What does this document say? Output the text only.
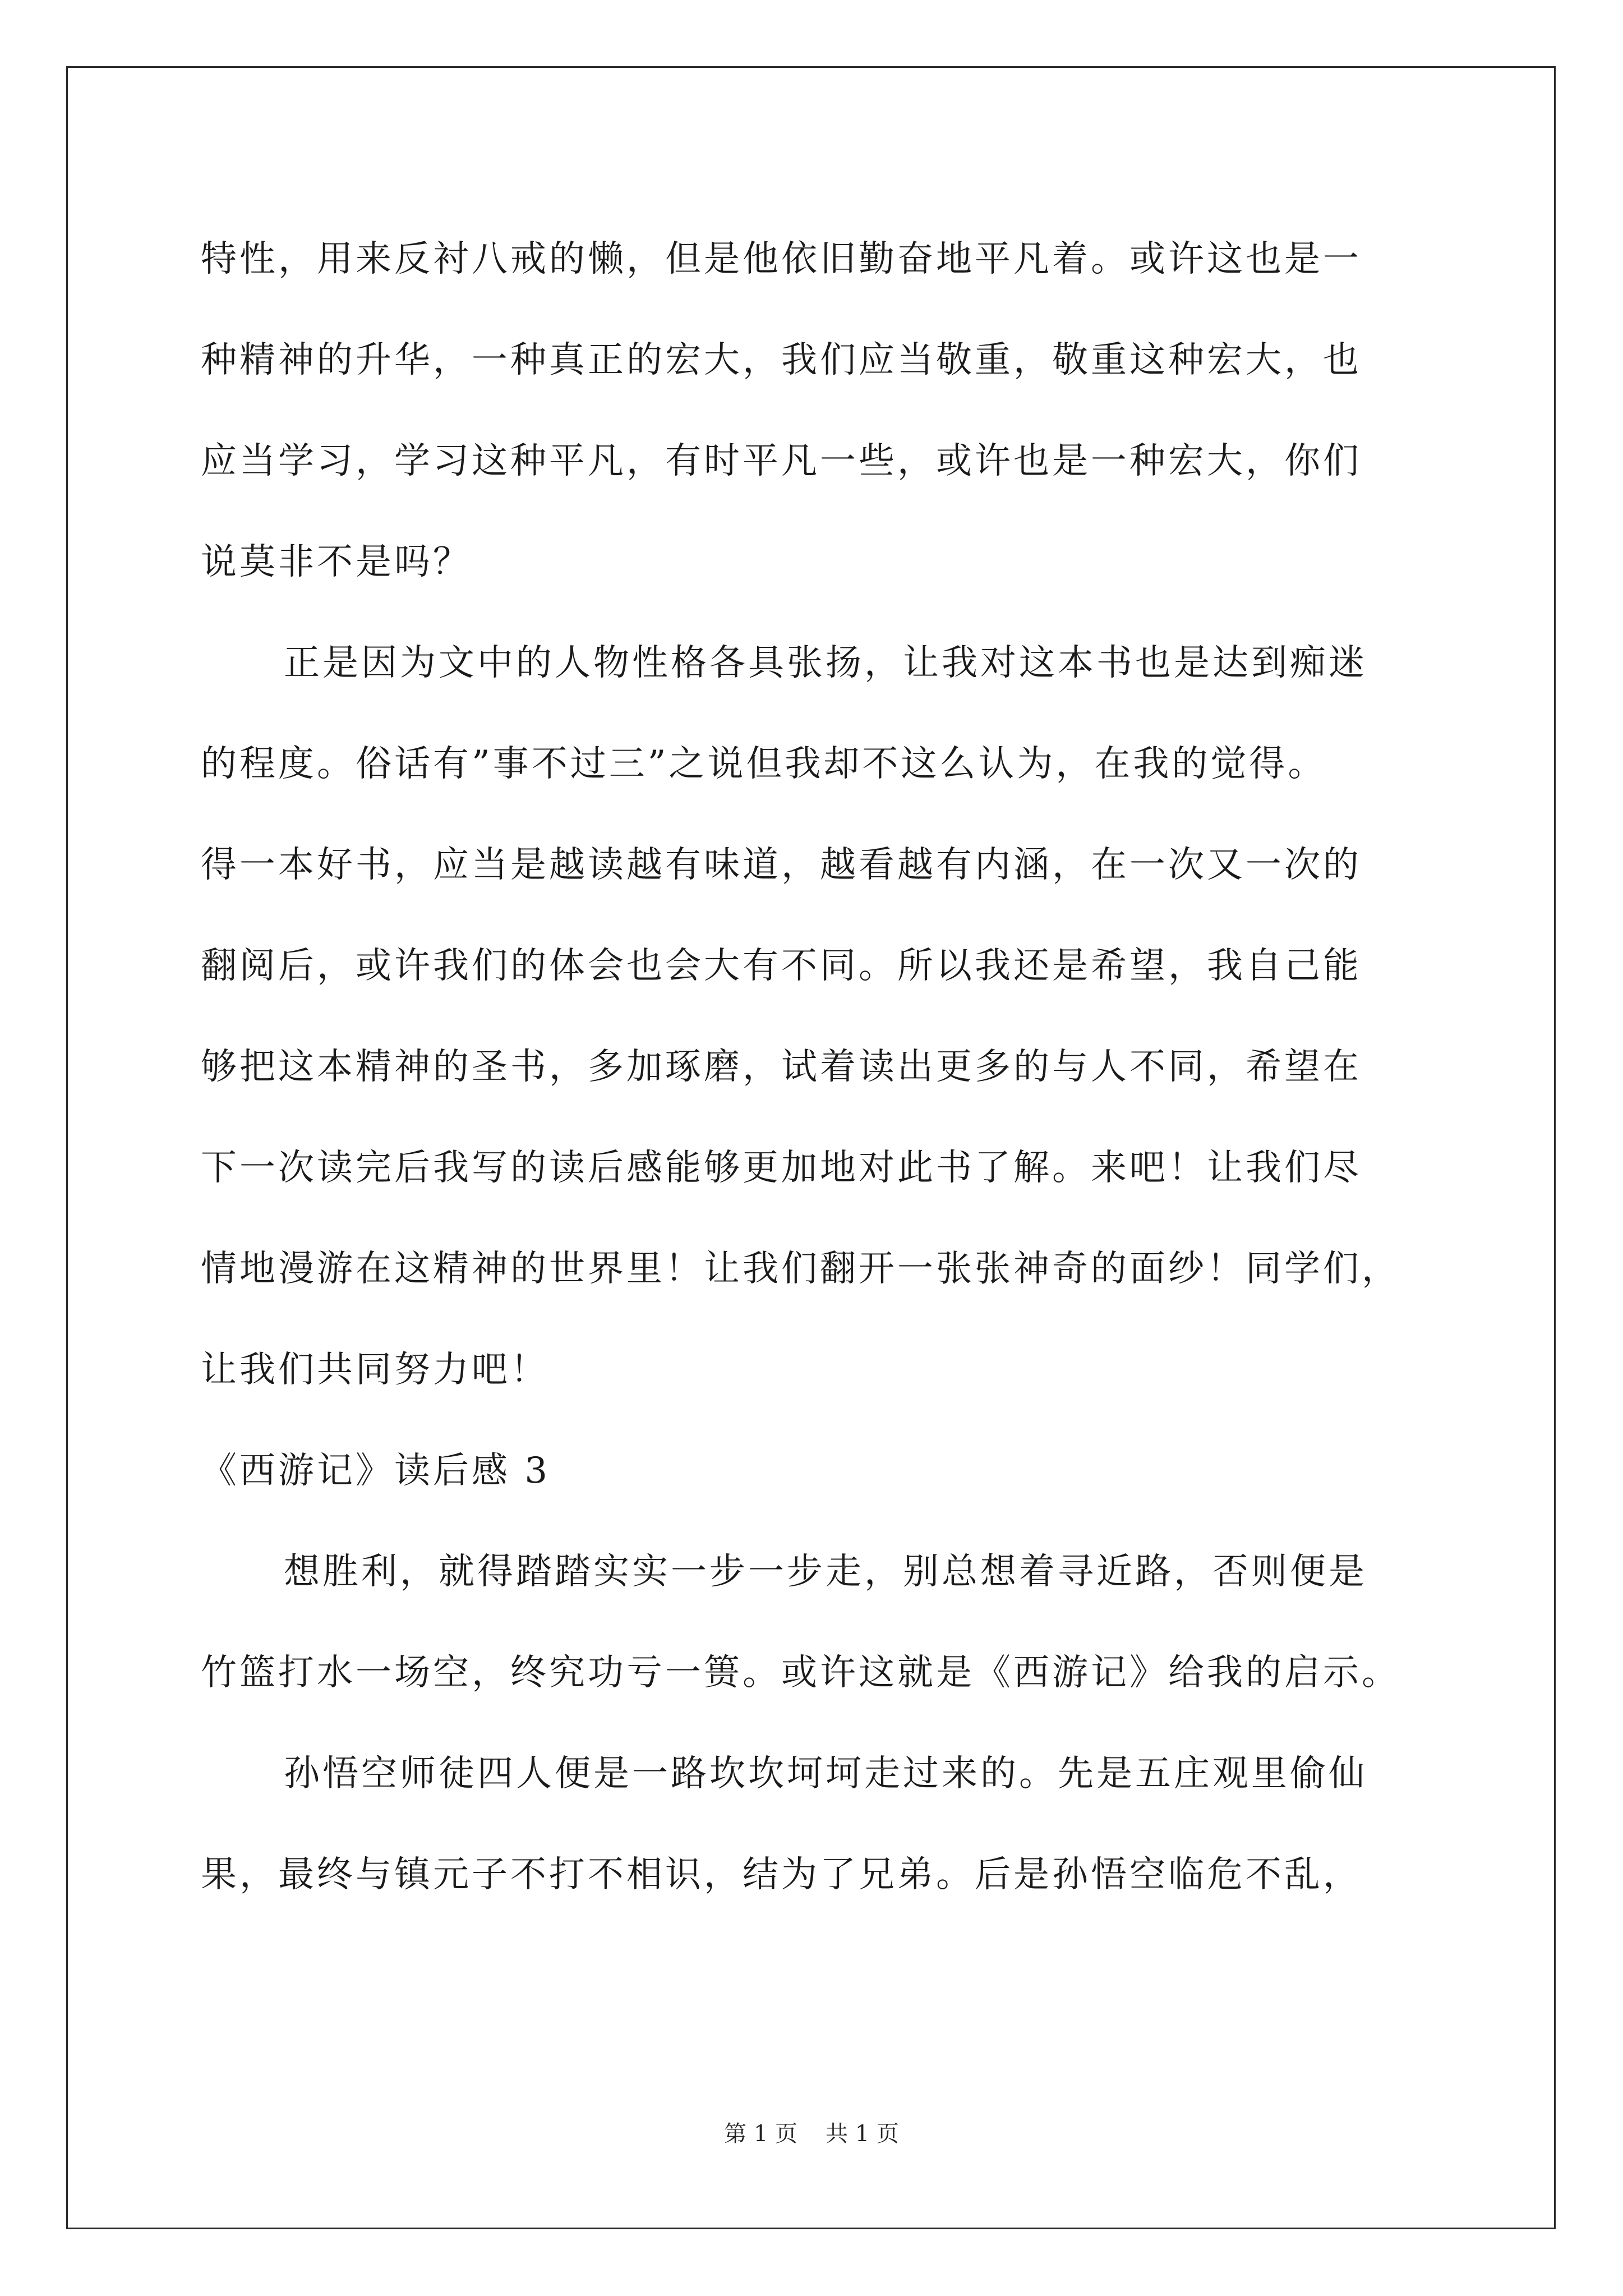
特性，用来反衬八戒的懒，但是他依旧勤奋地平凡着。或许这也是一
种精神的升华，一种真正的宏大，我们应当敬重，敬重这种宏大，也
应当学习，学习这种平凡，有时平凡一些，或许也是一种宏大，你们
说莫非不是吗？
正是因为文中的人物性格各具张扬，让我对这本书也是达到痴迷
的程度。俗话有”事不过三”之说但我却不这么认为，在我的觉得。
得一本好书，应当是越读越有味道，越看越有内涵，在一次又一次的
翻阅后，或许我们的体会也会大有不同。所以我还是希望，我自己能
够把这本精神的圣书，多加琢磨，试着读出更多的与人不同，希望在
下一次读完后我写的读后感能够更加地对此书了解。来吧！让我们尽
情地漫游在这精神的世界里！让我们翻开一张张神奇的面纱！同学们，
让我们共同努力吧！
《西游记》读后感 3
想胜利，就得踏踏实实一步一步走，别总想着寻近路，否则便是
竹篮打水一场空，终究功亏一篑。或许这就是《西游记》给我的启示。
孙悟空师徒四人便是一路坎坎坷坷走过来的。先是五庄观里偷仙
果，最终与镇元子不打不相识，结为了兄弟。后是孙悟空临危不乱，
第 1 页 共 1 页
